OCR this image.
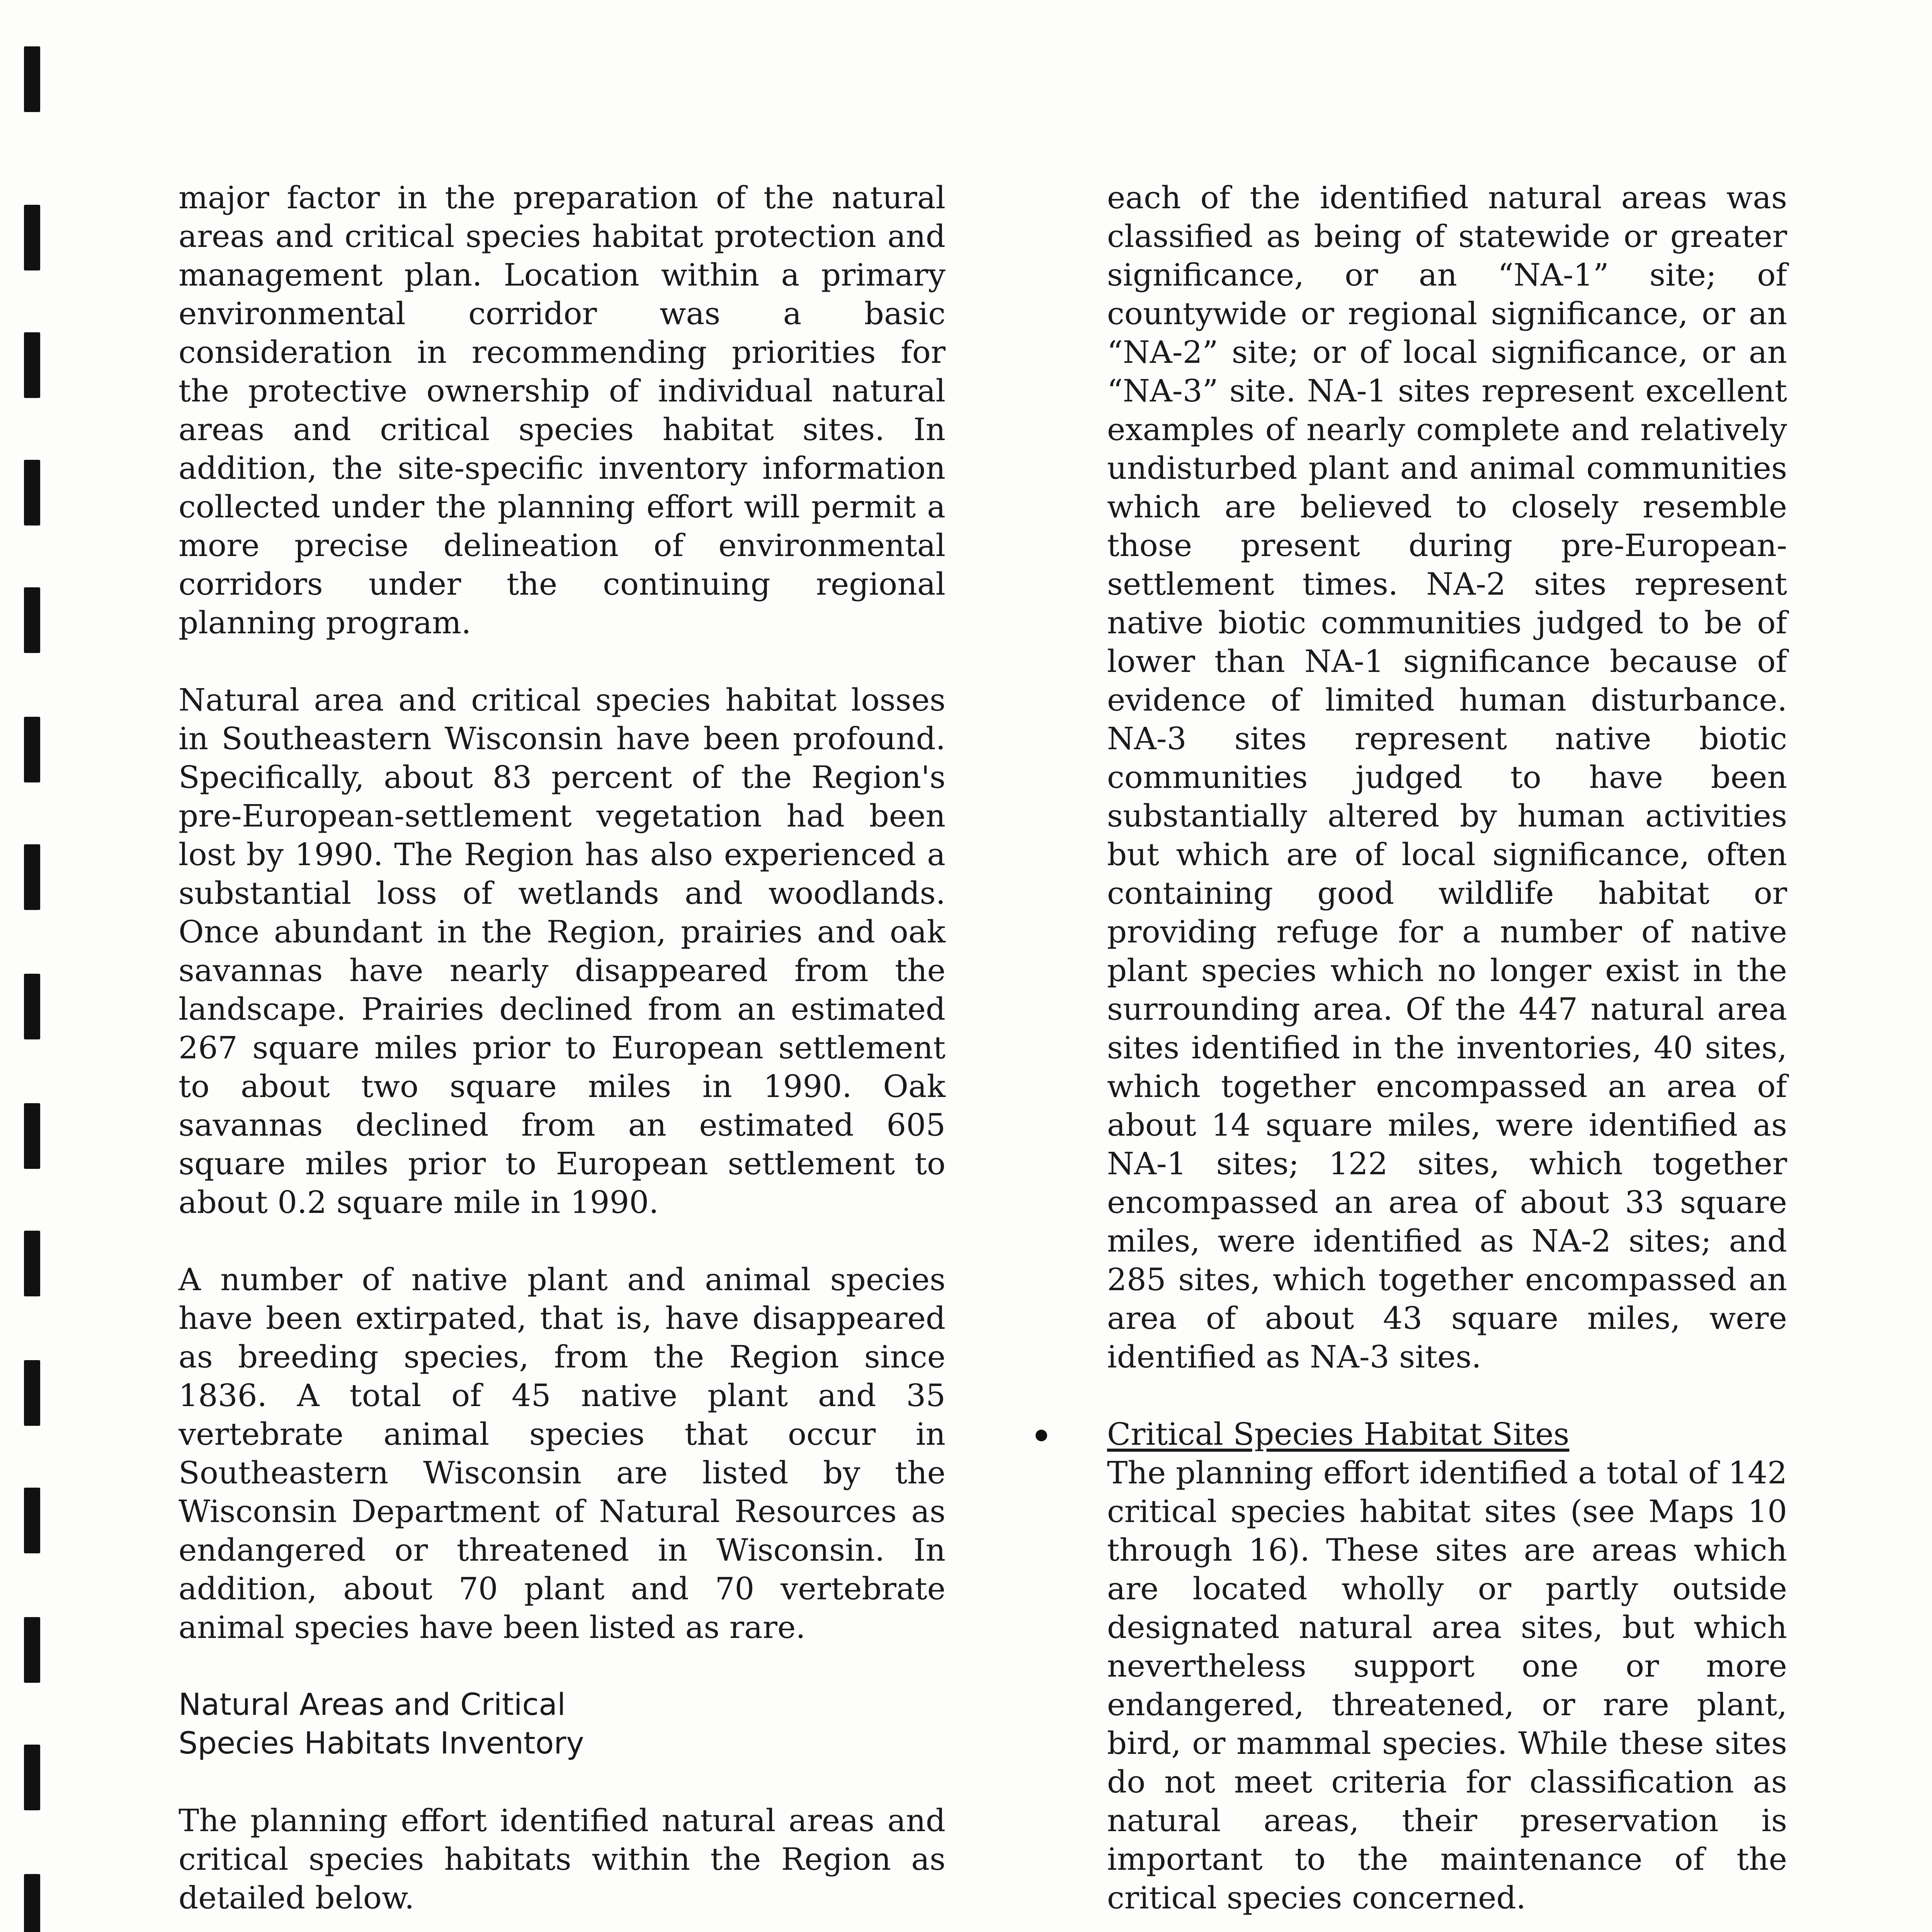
major factor in the preparation of the natural areas and critical species habitat protection and management plan. Location within a primary environmental corridor was a basic consideration in recommending priorities for the protective ownership of individual natural areas and critical species habitat sites. In addition, the site-specific inventory information collected under the planning effort will permit a more precise delineation of environmental corridors under the continuing regional planning program.

Natural area and critical species habitat losses in Southeastern Wisconsin have been profound. Specifically, about 83 percent of the Region's pre-European-settlement vegetation had been lost by 1990. The Region has also experienced a substantial loss of wetlands and woodlands. Once abundant in the Region, prairies and oak savannas have nearly disappeared from the landscape. Prairies declined from an estimated 267 square miles prior to European settlement to about two square miles in 1990. Oak savannas declined from an estimated 605 square miles prior to European settlement to about 0.2 square mile in 1990.

A number of native plant and animal species have been extirpated, that is, have disappeared as breeding species, from the Region since 1836. A total of 45 native plant and 35 vertebrate animal species that occur in Southeastern Wisconsin are listed by the Wisconsin Department of Natural Resources as endangered or threatened in Wisconsin. In addition, about 70 plant and 70 vertebrate animal species have been listed as rare.

Natural Areas and Critical
Species Habitats Inventory

The planning effort identified natural areas and critical species habitats within the Region as detailed below.

each of the identified natural areas was classified as being of statewide or greater significance, or an “NA-1” site; of countywide or regional significance, or an “NA-2” site; or of local significance, or an “NA-3” site. NA-1 sites represent excellent examples of nearly complete and relatively undisturbed plant and animal communities which are believed to closely resemble those present during pre-European-settlement times. NA-2 sites represent native biotic communities judged to be of lower than NA-1 significance because of evidence of limited human disturbance. NA-3 sites represent native biotic communities judged to have been substantially altered by human activities but which are of local significance, often containing good wildlife habitat or providing refuge for a number of native plant species which no longer exist in the surrounding area. Of the 447 natural area sites identified in the inventories, 40 sites, which together encompassed an area of about 14 square miles, were identified as NA-1 sites; 122 sites, which together encompassed an area of about 33 square miles, were identified as NA-2 sites; and 285 sites, which together encompassed an area of about 43 square miles, were identified as NA-3 sites.

Critical Species Habitat Sites

The planning effort identified a total of 142 critical species habitat sites (see Maps 10 through 16). These sites are areas which are located wholly or partly outside designated natural area sites, but which nevertheless support one or more endangered, threatened, or rare plant, bird, or mammal species. While these sites do not meet criteria for classification as natural areas, their preservation is important to the maintenance of the critical species concerned.
